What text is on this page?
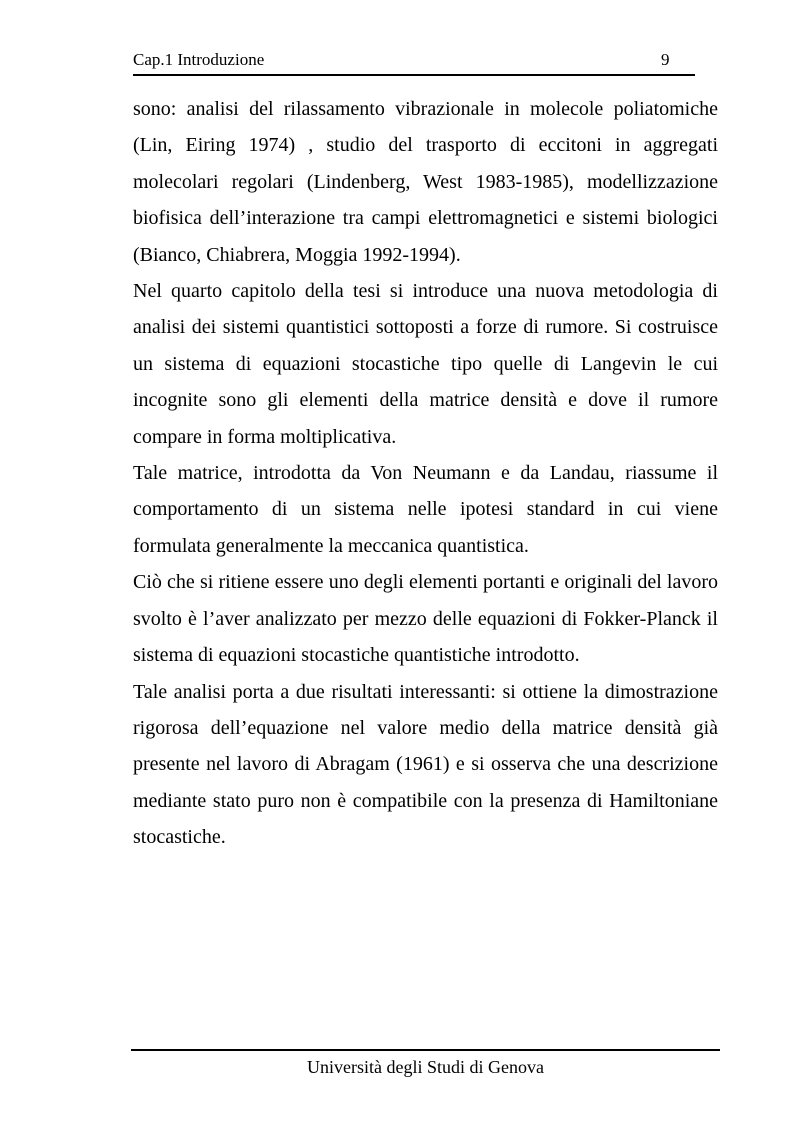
Cap.1 Introduzione	9

sono: analisi del rilassamento vibrazionale in molecole poliatomiche (Lin, Eiring 1974) , studio del trasporto di eccitoni in aggregati molecolari regolari (Lindenberg, West 1983-1985), modellizzazione biofisica dell’interazione tra campi elettromagnetici e sistemi biologici (Bianco, Chiabrera, Moggia 1992-1994).

Nel quarto capitolo della tesi si introduce una nuova metodologia di analisi dei sistemi quantistici sottoposti a forze di rumore. Si costruisce un sistema di equazioni stocastiche tipo quelle di Langevin le cui incognite sono gli elementi della matrice densità e dove il rumore compare in forma moltiplicativa.

Tale matrice, introdotta da Von Neumann e da Landau, riassume il comportamento di un sistema nelle ipotesi standard in cui viene formulata generalmente la meccanica quantistica.

Ciò che si ritiene essere uno degli elementi portanti e originali del lavoro svolto è l’aver analizzato per mezzo delle equazioni di Fokker-Planck il sistema di equazioni stocastiche quantistiche introdotto.

Tale analisi porta a due risultati interessanti: si ottiene la dimostrazione rigorosa dell’equazione nel valore medio della matrice densità già presente nel lavoro di Abragam (1961) e si osserva che una descrizione mediante stato puro non è compatibile con la presenza di Hamiltoniane stocastiche.

Università degli Studi di Genova
